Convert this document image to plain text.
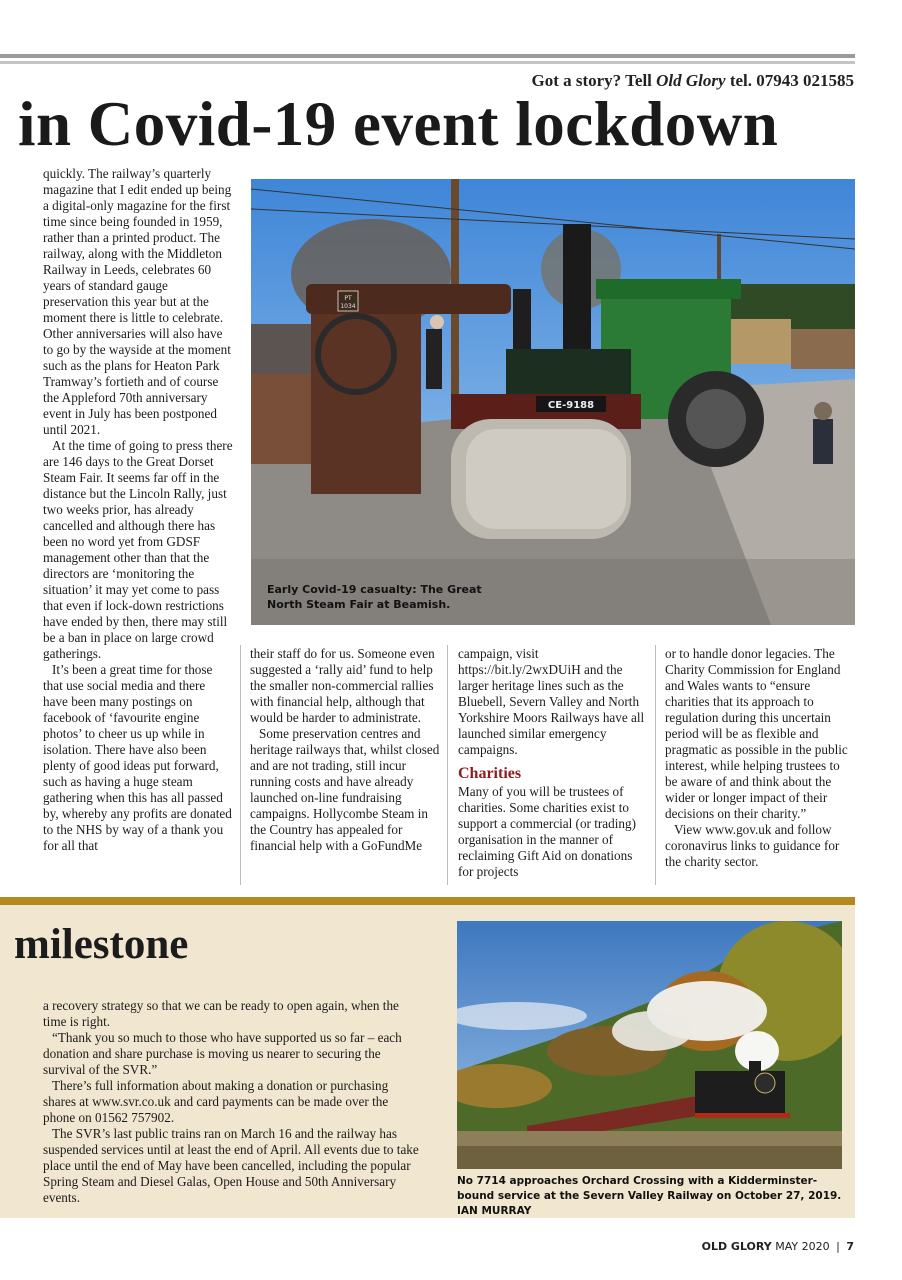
Got a story? Tell Old Glory tel. 07943 021585
in Covid-19 event lockdown

quickly. The railway’s quarterly magazine that I edit ended up being a digital-only magazine for the first time since being founded in 1959, rather than a printed product. The railway, along with the Middleton Railway in Leeds, celebrates 60 years of standard gauge preservation this year but at the moment there is little to celebrate. Other anniversaries will also have to go by the wayside at the moment such as the plans for Heaton Park Tramway’s fortieth and of course the Appleford 70th anniversary event in July has been postponed until 2021.

At the time of going to press there are 146 days to the Great Dorset Steam Fair. It seems far off in the distance but the Lincoln Rally, just two weeks prior, has already cancelled and although there has been no word yet from GDSF management other than that the directors are ‘monitoring the situation’ it may yet come to pass that even if lock-down restrictions have ended by then, there may still be a ban in place on large crowd gatherings.

It’s been a great time for those that use social media and there have been many postings on facebook of ‘favourite engine photos’ to cheer us up while in isolation. There have also been plenty of good ideas put forward, such as having a huge steam gathering when this has all passed by, whereby any profits are donated to the NHS by way of a thank you for all that

PT
1034
CE-9188
Early Covid-19 casualty: The Great North Steam Fair at Beamish.

their staff do for us. Someone even suggested a ‘rally aid’ fund to help the smaller non-commercial rallies with financial help, although that would be harder to administrate.

Some preservation centres and heritage railways that, whilst closed and are not trading, still incur running costs and have already launched on-line fundraising campaigns. Hollycombe Steam in the Country has appealed for financial help with a GoFundMe

campaign, visit https://bit.ly/2wxDUiH and the larger heritage lines such as the Bluebell, Severn Valley and North Yorkshire Moors Railways have all launched similar emergency campaigns.

Charities

Many of you will be trustees of charities. Some charities exist to support a commercial (or trading) organisation in the manner of reclaiming Gift Aid on donations for projects

or to handle donor legacies. The Charity Commission for England and Wales wants to “ensure charities that its approach to regulation during this uncertain period will be as flexible and pragmatic as possible in the public interest, while helping trustees to be aware of and think about the wider or longer impact of their decisions on their charity.”

View www.gov.uk and follow coronavirus links to guidance for the charity sector.

milestone

a recovery strategy so that we can be ready to open again, when the time is right.

“Thank you so much to those who have supported us so far – each donation and share purchase is moving us nearer to securing the survival of the SVR.”

There’s full information about making a donation or purchasing shares at www.svr.co.uk and card payments can be made over the phone on 01562 757902.

The SVR’s last public trains ran on March 16 and the railway has suspended services until at least the end of April. All events due to take place until the end of May have been cancelled, including the popular Spring Steam and Diesel Galas, Open House and 50th Anniversary events.

No 7714 approaches Orchard Crossing with a Kidderminster-bound service at the Severn Valley Railway on October 27, 2019. IAN MURRAY
OLD GLORY MAY 2020 | 7
